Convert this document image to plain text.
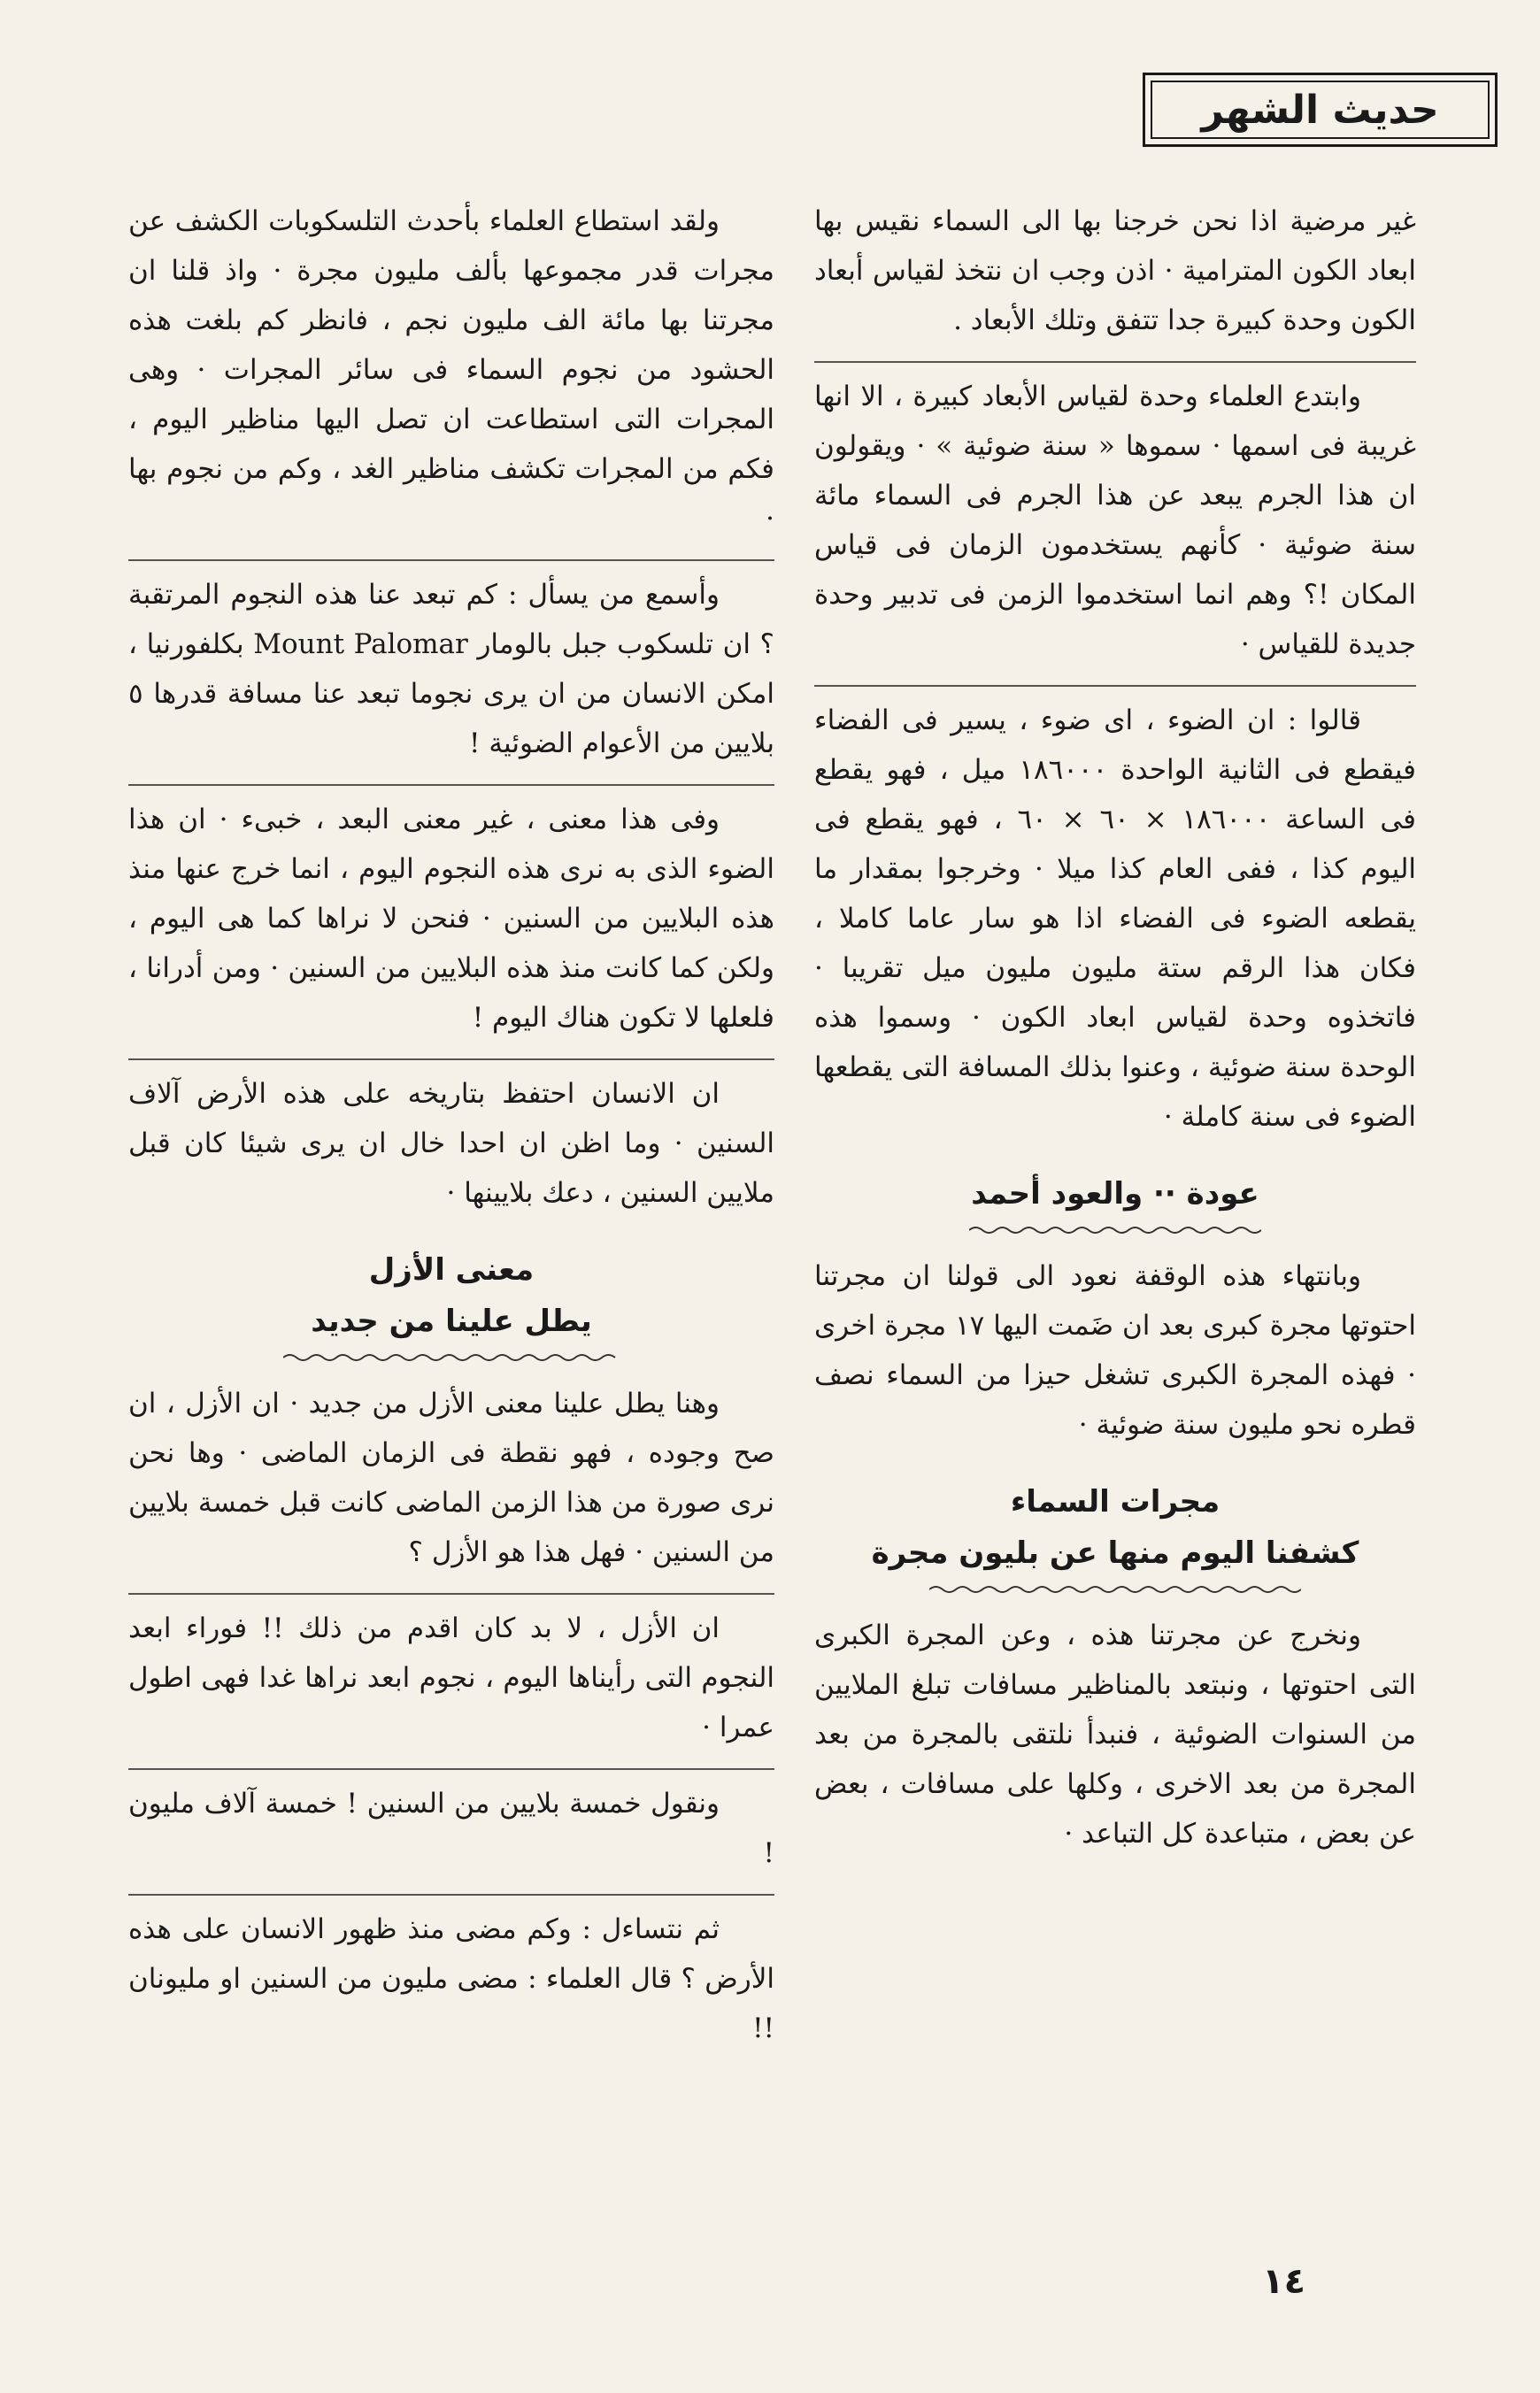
حديث الشهر

غير مرضية اذا نحن خرجنا بها الى السماء نقيس بها ابعاد الكون المترامية · اذن وجب ان نتخذ لقياس أبعاد الكون وحدة كبيرة جدا تتفق وتلك الأبعاد .

وابتدع العلماء وحدة لقياس الأبعاد كبيرة ، الا انها غريبة فى اسمها · سموها « سنة ضوئية » · ويقولون ان هذا الجرم يبعد عن هذا الجرم فى السماء مائة سنة ضوئية · كأنهم يستخدمون الزمان فى قياس المكان !؟ وهم انما استخدموا الزمن فى تدبير وحدة جديدة للقياس ·

قالوا : ان الضوء ، اى ضوء ، يسير فى الفضاء فيقطع فى الثانية الواحدة ١٨٦٠٠٠ ميل ، فهو يقطع فى الساعة ١٨٦٠٠٠ × ٦٠ × ٦٠ ، فهو يقطع فى اليوم كذا ، ففى العام كذا ميلا · وخرجوا بمقدار ما يقطعه الضوء فى الفضاء اذا هو سار عاما كاملا ، فكان هذا الرقم ستة مليون مليون ميل تقريبا · فاتخذوه وحدة لقياس ابعاد الكون · وسموا هذه الوحدة سنة ضوئية ، وعنوا بذلك المسافة التى يقطعها الضوء فى سنة كاملة ·

عودة ·· والعود أحمد

وبانتهاء هذه الوقفة نعود الى قولنا ان مجرتنا احتوتها مجرة كبرى بعد ان ضَمت اليها ١٧ مجرة اخرى · فهذه المجرة الكبرى تشغل حيزا من السماء نصف قطره نحو مليون سنة ضوئية ·

مجرات السماء
كشفنا اليوم منها عن بليون مجرة

ونخرج عن مجرتنا هذه ، وعن المجرة الكبرى التى احتوتها ، ونبتعد بالمناظير مسافات تبلغ الملايين من السنوات الضوئية ، فنبدأ نلتقى بالمجرة من بعد المجرة من بعد الاخرى ، وكلها على مسافات ، بعض عن بعض ، متباعدة كل التباعد ·

ولقد استطاع العلماء بأحدث التلسكوبات الكشف عن مجرات قدر مجموعها بألف مليون مجرة · واذ قلنا ان مجرتنا بها مائة الف مليون نجم ، فانظر كم بلغت هذه الحشود من نجوم السماء فى سائر المجرات · وهى المجرات التى استطاعت ان تصل اليها مناظير اليوم ، فكم من المجرات تكشف مناظير الغد ، وكم من نجوم بها ·

وأسمع من يسأل : كم تبعد عنا هذه النجوم المرتقبة ؟ ان تلسكوب جبل بالومار Mount Palomar بكلفورنيا ، امكن الانسان من ان يرى نجوما تبعد عنا مسافة قدرها ٥ بلايين من الأعوام الضوئية !

وفى هذا معنى ، غير معنى البعد ، خبىء · ان هذا الضوء الذى به نرى هذه النجوم اليوم ، انما خرج عنها منذ هذه البلايين من السنين · فنحن لا نراها كما هى اليوم ، ولكن كما كانت منذ هذه البلايين من السنين · ومن أدرانا ، فلعلها لا تكون هناك اليوم !

ان الانسان احتفظ بتاريخه على هذه الأرض آلاف السنين · وما اظن ان احدا خال ان يرى شيئا كان قبل ملايين السنين ، دعك بلايينها ·

معنى الأزل
يطل علينا من جديد

وهنا يطل علينا معنى الأزل من جديد · ان الأزل ، ان صح وجوده ، فهو نقطة فى الزمان الماضى · وها نحن نرى صورة من هذا الزمن الماضى كانت قبل خمسة بلايين من السنين · فهل هذا هو الأزل ؟

ان الأزل ، لا بد كان اقدم من ذلك !! فوراء ابعد النجوم التى رأيناها اليوم ، نجوم ابعد نراها غدا فهى اطول عمرا ·

ونقول خمسة بلايين من السنين ! خمسة آلاف مليون !

ثم نتساءل : وكم مضى منذ ظهور الانسان على هذه الأرض ؟ قال العلماء : مضى مليون من السنين او مليونان !!

١٤
